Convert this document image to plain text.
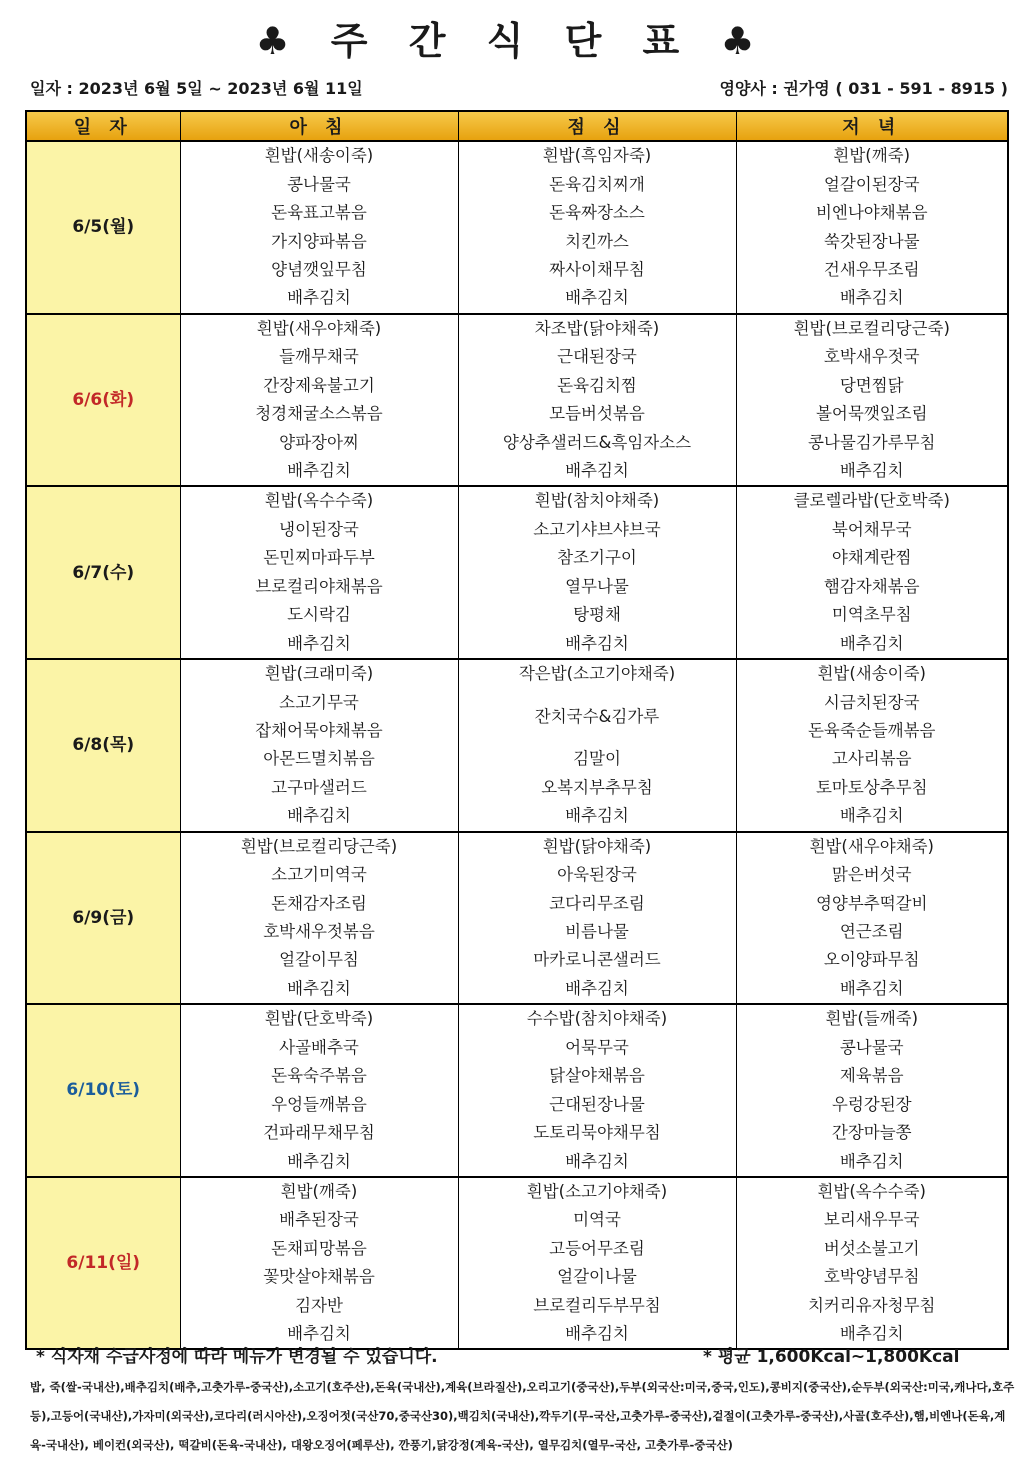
♣ 주 간 식 단 표 ♣
일자 : 2023년 6월 5일 ~ 2023년 6월 11일	영양사 : 권가영 ( 031 - 591 - 8915 )
일 자	아 침	점 심	저 녁
6/5(월)	흰밥(새송이죽)	흰밥(흑임자죽)	흰밥(깨죽)
	콩나물국	돈육김치찌개	얼갈이된장국
	돈육표고볶음	돈육짜장소스	비엔나야채볶음
	가지양파볶음	치킨까스	쑥갓된장나물
	양념깻잎무침	짜사이채무침	건새우무조림
	배추김치	배추김치	배추김치
6/6(화)	흰밥(새우야채죽)	차조밥(닭야채죽)	흰밥(브로컬리당근죽)
	들깨무채국	근대된장국	호박새우젓국
	간장제육불고기	돈육김치찜	당면찜닭
	청경채굴소스볶음	모듬버섯볶음	볼어묵깻잎조림
	양파장아찌	양상추샐러드&흑임자소스	콩나물김가루무침
	배추김치	배추김치	배추김치
6/7(수)	흰밥(옥수수죽)	흰밥(참치야채죽)	클로렐라밥(단호박죽)
	냉이된장국	소고기샤브샤브국	북어채무국
	돈민찌마파두부	참조기구이	야채계란찜
	브로컬리야채볶음	열무나물	햄감자채볶음
	도시락김	탕평채	미역초무침
	배추김치	배추김치	배추김치
6/8(목)	흰밥(크래미죽)	작은밥(소고기야채죽)	흰밥(새송이죽)
	소고기무국	잔치국수&김가루	시금치된장국
	잡채어묵야채볶음		돈육죽순들깨볶음
	아몬드멸치볶음	김말이	고사리볶음
	고구마샐러드	오복지부추무침	토마토상추무침
	배추김치	배추김치	배추김치
6/9(금)	흰밥(브로컬리당근죽)	흰밥(닭야채죽)	흰밥(새우야채죽)
	소고기미역국	아욱된장국	맑은버섯국
	돈채감자조림	코다리무조림	영양부추떡갈비
	호박새우젓볶음	비름나물	연근조림
	얼갈이무침	마카로니콘샐러드	오이양파무침
	배추김치	배추김치	배추김치
6/10(토)	흰밥(단호박죽)	수수밥(참치야채죽)	흰밥(들깨죽)
	사골배추국	어묵무국	콩나물국
	돈육숙주볶음	닭살야채볶음	제육볶음
	우엉들깨볶음	근대된장나물	우렁강된장
	건파래무채무침	도토리묵야채무침	간장마늘쫑
	배추김치	배추김치	배추김치
6/11(일)	흰밥(깨죽)	흰밥(소고기야채죽)	흰밥(옥수수죽)
	배추된장국	미역국	보리새우무국
	돈채피망볶음	고등어무조림	버섯소불고기
	꽃맛살야채볶음	얼갈이나물	호박양념무침
	김자반	브로컬리두부무침	치커리유자청무침
	배추김치	배추김치	배추김치
* 식자재 수급사정에 따라 메뉴가 변경될 수 있습니다.	* 평균 1,600Kcal~1,800Kcal
밥, 죽(쌀-국내산),배추김치(배추,고춧가루-중국산),소고기(호주산),돈육(국내산),계육(브라질산),오리고기(중국산),두부(외국산:미국,중국,인도),콩비지(중국산),순두부(외국산:미국,캐나다,호주등),고등어(국내산),가자미(외국산),코다리(러시아산),오징어젓(국산70,중국산30),백김치(국내산),깍두기(무-국산,고춧가루-중국산),겉절이(고춧가루-중국산),사골(호주산),햄,비엔나(돈육,계육-국내산), 베이컨(외국산), 떡갈비(돈육-국내산), 대왕오징어(페루산), 깐풍기,닭강정(계육-국산), 열무김치(열무-국산, 고춧가루-중국산)
